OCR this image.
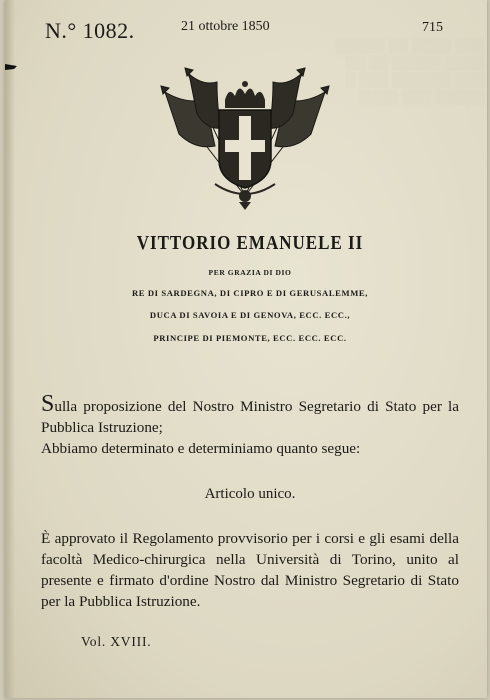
░░░ ░░░░ ░░ ░░░░░
░░░░ ░░░░░ ░░ ░░
░░░ ░░░░░░ ░░░ ░
░░░░░ ░░░ ░░░░

N.° 1082.	21 ottobre 1850	715
VITTORIO EMANUELE II
PER GRAZIA DI DIO
RE DI SARDEGNA, DI CIPRO E DI GERUSALEMME,
DUCA DI SAVOIA E DI GENOVA, ECC. ECC.,
PRINCIPE DI PIEMONTE, ECC. ECC. ECC.
Sulla proposizione del Nostro Ministro Segretario di Stato per la Pubblica Istruzione;
Abbiamo determinato e determiniamo quanto segue:
Articolo unico.
È approvato il Regolamento provvisorio per i corsi e gli esami della facoltà Medico-chirurgica nella Università di Torino, unito al presente e firmato d'ordine Nostro dal Ministro Segretario di Stato per la Pubblica Istruzione.
Vol. XVIII.
